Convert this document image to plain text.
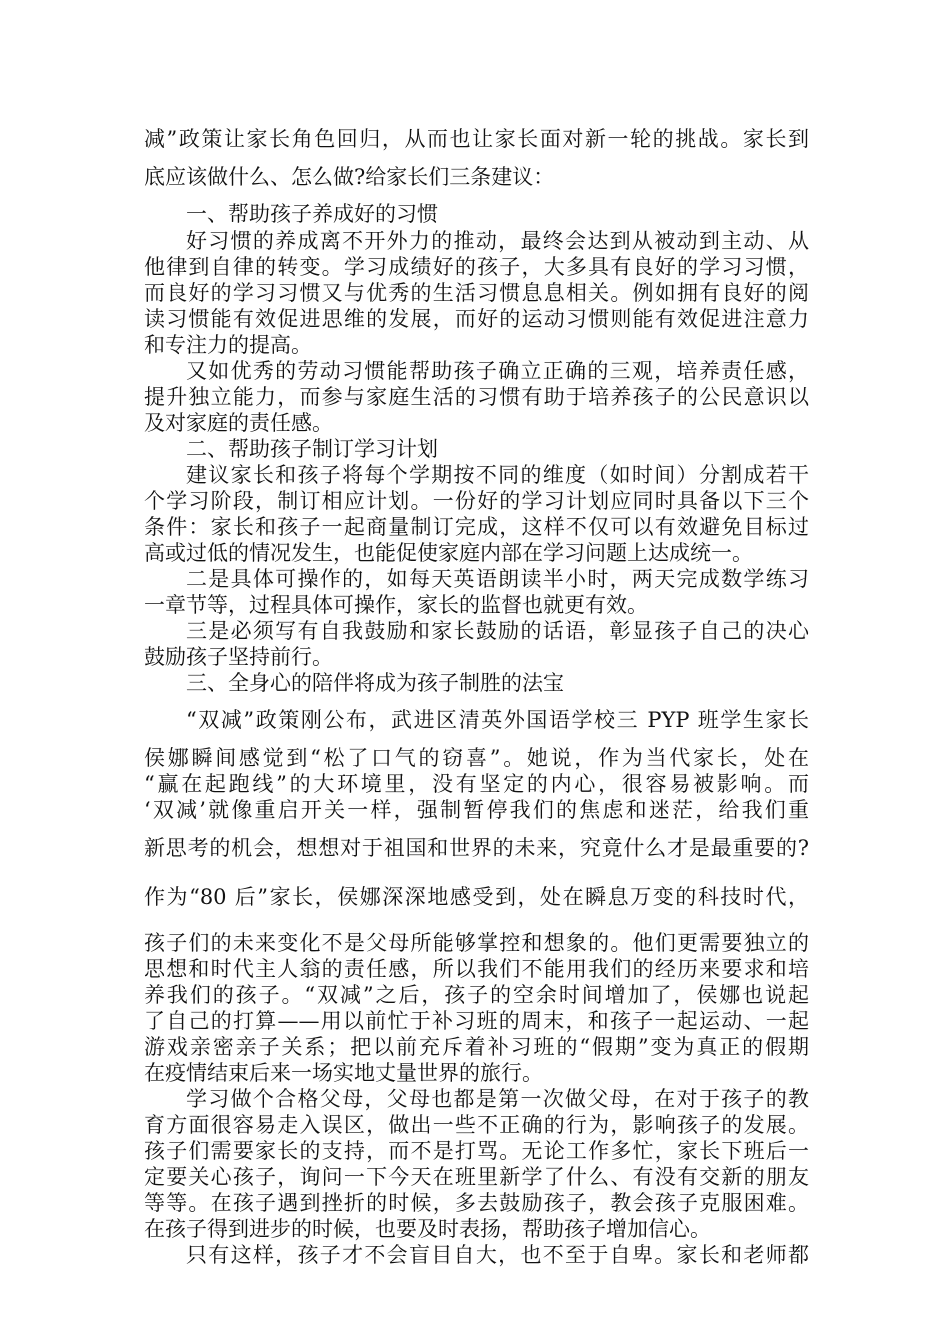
减”政策让家长角色回归，从而也让家长面对新一轮的挑战。家长到
底应该做什么、怎么做?给家长们三条建议：
一、帮助孩子养成好的习惯
好习惯的养成离不开外力的推动，最终会达到从被动到主动、从
他律到自律的转变。学习成绩好的孩子，大多具有良好的学习习惯，
而良好的学习习惯又与优秀的生活习惯息息相关。例如拥有良好的阅
读习惯能有效促进思维的发展，而好的运动习惯则能有效促进注意力
和专注力的提高。
又如优秀的劳动习惯能帮助孩子确立正确的三观，培养责任感，
提升独立能力，而参与家庭生活的习惯有助于培养孩子的公民意识以
及对家庭的责任感。
二、帮助孩子制订学习计划
建议家长和孩子将每个学期按不同的维度（如时间）分割成若干
个学习阶段，制订相应计划。一份好的学习计划应同时具备以下三个
条件：家长和孩子一起商量制订完成，这样不仅可以有效避免目标过
高或过低的情况发生，也能促使家庭内部在学习问题上达成统一。
二是具体可操作的，如每天英语朗读半小时，两天完成数学练习
一章节等，过程具体可操作，家长的监督也就更有效。
三是必须写有自我鼓励和家长鼓励的话语，彰显孩子自己的决心
鼓励孩子坚持前行。
三、全身心的陪伴将成为孩子制胜的法宝
“双减”政策刚公布，武进区清英外国语学校三 PYP 班学生家长
侯娜瞬间感觉到“松了口气的窃喜”。她说，作为当代家长，处在
“赢在起跑线”的大环境里，没有坚定的内心，很容易被影响。而
‘双减’就像重启开关一样，强制暂停我们的焦虑和迷茫，给我们重
新思考的机会，想想对于祖国和世界的未来，究竟什么才是最重要的?
作为“80 后”家长，侯娜深深地感受到，处在瞬息万变的科技时代，
孩子们的未来变化不是父母所能够掌控和想象的。他们更需要独立的
思想和时代主人翁的责任感，所以我们不能用我们的经历来要求和培
养我们的孩子。“双减”之后，孩子的空余时间增加了，侯娜也说起
了自己的打算——用以前忙于补习班的周末，和孩子一起运动、一起
游戏亲密亲子关系；把以前充斥着补习班的“假期”变为真正的假期
在疫情结束后来一场实地丈量世界的旅行。
学习做个合格父母，父母也都是第一次做父母，在对于孩子的教
育方面很容易走入误区，做出一些不正确的行为，影响孩子的发展。
孩子们需要家长的支持，而不是打骂。无论工作多忙，家长下班后一
定要关心孩子，询问一下今天在班里新学了什么、有没有交新的朋友
等等。在孩子遇到挫折的时候，多去鼓励孩子，教会孩子克服困难。
在孩子得到进步的时候，也要及时表扬，帮助孩子增加信心。
只有这样，孩子才不会盲目自大，也不至于自卑。家长和老师都
